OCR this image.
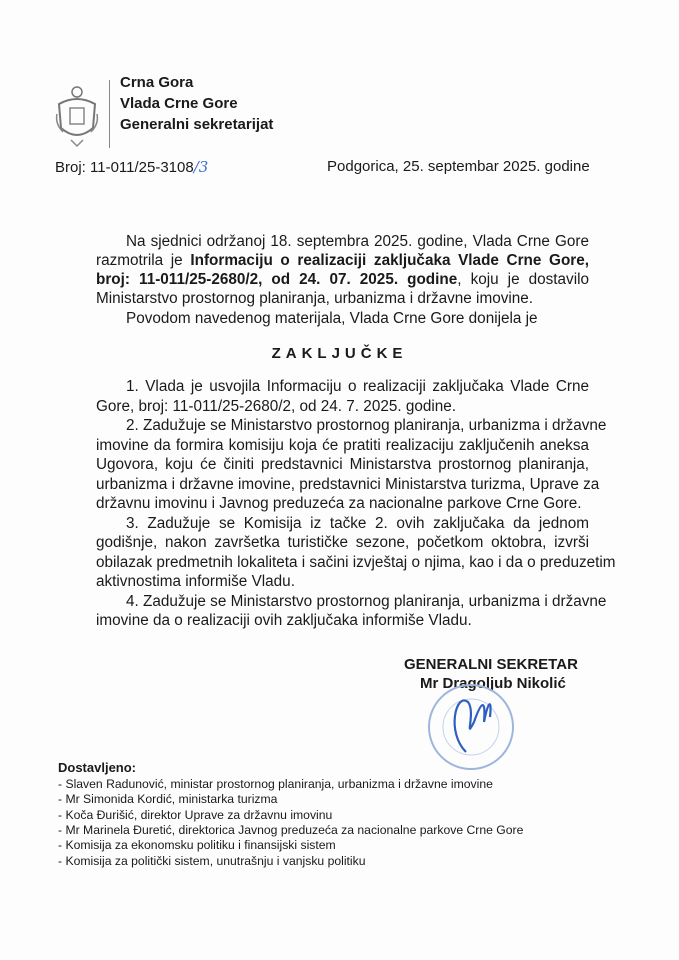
Crna Gora
Vlada Crne Gore
Generalni sekretarijat
Broj: 11-011/25-3108/3	Podgorica, 25. septembar 2025. godine
Na sjednici održanoj 18. septembra 2025. godine, Vlada Crne Gore
razmotrila je Informaciju o realizaciji zaključaka Vlade Crne Gore,
broj: 11-011/25-2680/2, od 24. 07. 2025. godine, koju je dostavilo
Ministarstvo prostornog planiranja, urbanizma i državne imovine.
Povodom navedenog materijala, Vlada Crne Gore donijela je
ZAKLJUČKE
1. Vlada je usvojila Informaciju o realizaciji zaključaka Vlade Crne
Gore, broj: 11-011/25-2680/2, od 24. 7. 2025. godine.
2. Zadužuje se Ministarstvo prostornog planiranja, urbanizma i državne
imovine da formira komisiju koja će pratiti realizaciju zaključenih aneksa
Ugovora, koju će činiti predstavnici Ministarstva prostornog planiranja,
urbanizma i državne imovine, predstavnici Ministarstva turizma, Uprave za
državnu imovinu i Javnog preduzeća za nacionalne parkove Crne Gore.
3. Zadužuje se Komisija iz tačke 2. ovih zaključaka da jednom
godišnje, nakon završetka turističke sezone, početkom oktobra, izvrši
obilazak predmetnih lokaliteta i sačini izvještaj o njima, kao i da o preduzetim
aktivnostima informiše Vladu.
4. Zadužuje se Ministarstvo prostornog planiranja, urbanizma i državne
imovine da o realizaciji ovih zaključaka informiše Vladu.
GENERALNI SEKRETAR
Mr Dragoljub Nikolić
Dostavljeno:
- Slaven Radunović, ministar prostornog planiranja, urbanizma i državne imovine
- Mr Simonida Kordić, ministarka turizma
- Koča Đurišić, direktor Uprave za državnu imovinu
- Mr Marinela Đuretić, direktorica Javnog preduzeća za nacionalne parkove Crne Gore
- Komisija za ekonomsku politiku i finansijski sistem
- Komisija za politički sistem, unutrašnju i vanjsku politiku
